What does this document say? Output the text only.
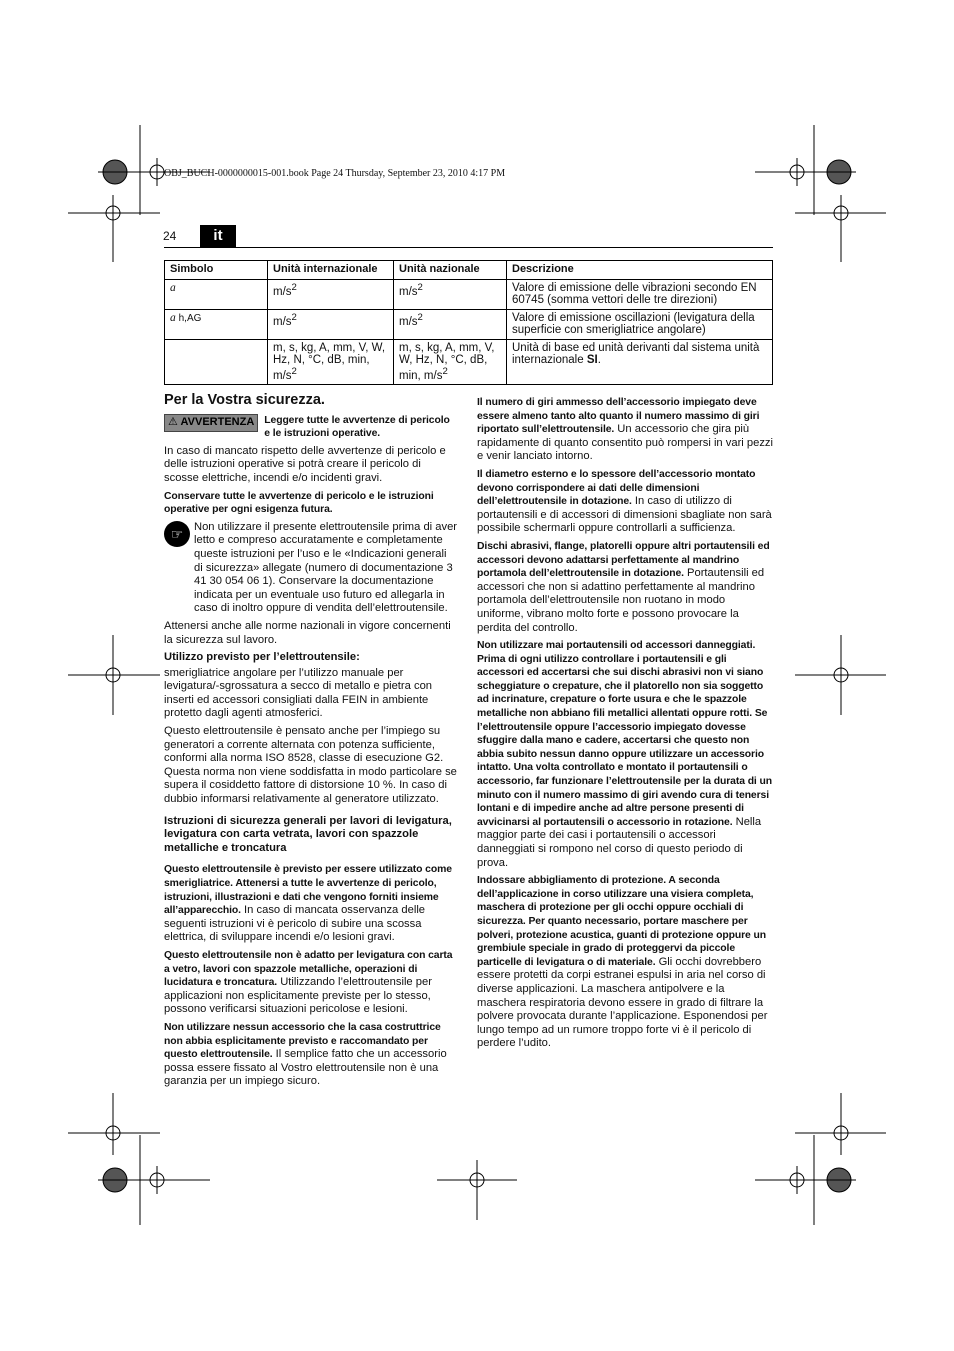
OBJ_BUCH-0000000015-001.book Page 24 Thursday, September 23, 2010 4:17 PM
24	it
Simbolo	Unità internazionale	Unità nazionale	Descrizione
a	$m/s^2$	$m/s^2$	Valore di emissione delle vibrazioni secondo EN 60745 (somma vettori delle tre direzioni)
a h,AG	$m/s^2$	$m/s^2$	Valore di emissione oscillazioni (levigatura della superficie con smerigliatrice angolare)
	m, s, kg, A, mm, V, W, Hz, N, °C, dB, min, $m/s^2$	m, s, kg, A, mm, V, W, Hz, N, °C, dB, min, $m/s^2$	Unità di base ed unità derivanti dal sistema unità internazionale SI.
Per la Vostra sicurezza.
⚠ AVVERTENZA Leggere tutte le avvertenze di pericolo e le istruzioni operative.

In caso di mancato rispetto delle avvertenze di pericolo e delle istruzioni operative si potrà creare il pericolo di scosse elettriche, incendi e/o incidenti gravi.

Conservare tutte le avvertenze di pericolo e le istruzioni operative per ogni esigenza futura.

☞ Non utilizzare il presente elettroutensile prima di aver letto e compreso accuratamente e completamente queste istruzioni per l’uso e le «Indicazioni generali di sicurezza» allegate (numero di documentazione 3 41 30 054 06 1). Conservare la documentazione indicata per un eventuale uso futuro ed allegarla in caso di inoltro oppure di vendita dell’elettroutensile.

Attenersi anche alle norme nazionali in vigore concernenti la sicurezza sul lavoro.

Utilizzo previsto per l’elettroutensile:

smerigliatrice angolare per l’utilizzo manuale per levigatura/-sgrossatura a secco di metallo e pietra con inserti ed accessori consigliati dalla FEIN in ambiente protetto dagli agenti atmosferici.

Questo elettroutensile è pensato anche per l’impiego su generatori a corrente alternata con potenza sufficiente, conformi alla norma ISO 8528, classe di esecuzione G2. Questa norma non viene soddisfatta in modo particolare se supera il cosiddetto fattore di distorsione 10 %. In caso di dubbio informarsi relativamente al generatore utilizzato.

Istruzioni di sicurezza generali per lavori di levigatura, levigatura con carta vetrata, lavori con spazzole metalliche e troncatura

Questo elettroutensile è previsto per essere utilizzato come smerigliatrice. Attenersi a tutte le avvertenze di pericolo, istruzioni, illustrazioni e dati che vengono forniti insieme all’apparecchio. In caso di mancata osservanza delle seguenti istruzioni vi è pericolo di subire una scossa elettrica, di sviluppare incendi e/o lesioni gravi.

Questo elettroutensile non è adatto per levigatura con carta a vetro, lavori con spazzole metalliche, operazioni di lucidatura e troncatura. Utilizzando l’elettroutensile per applicazioni non esplicitamente previste per lo stesso, possono verificarsi situazioni pericolose e lesioni.

Non utilizzare nessun accessorio che la casa costruttrice non abbia esplicitamente previsto e raccomandato per questo elettroutensile. Il semplice fatto che un accessorio possa essere fissato al Vostro elettroutensile non è una garanzia per un impiego sicuro.

Il numero di giri ammesso dell’accessorio impiegato deve essere almeno tanto alto quanto il numero massimo di giri riportato sull’elettroutensile. Un accessorio che gira più rapidamente di quanto consentito può rompersi in vari pezzi e venir lanciato intorno.

Il diametro esterno e lo spessore dell’accessorio montato devono corrispondere ai dati delle dimensioni dell’elettroutensile in dotazione. In caso di utilizzo di portautensili e di accessori di dimensioni sbagliate non sarà possibile schermarli oppure controllarli a sufficienza.

Dischi abrasivi, flange, platorelli oppure altri portautensili ed accessori devono adattarsi perfettamente al mandrino portamola dell’elettroutensile in dotazione. Portautensili ed accessori che non si adattino perfettamente al mandrino portamola dell’elettroutensile non ruotano in modo uniforme, vibrano molto forte e possono provocare la perdita del controllo.

Non utilizzare mai portautensili od accessori danneggiati. Prima di ogni utilizzo controllare i portautensili e gli accessori ed accertarsi che sui dischi abrasivi non vi siano scheggiature o crepature, che il platorello non sia soggetto ad incrinature, crepature o forte usura e che le spazzole metalliche non abbiano fili metallici allentati oppure rotti. Se l’elettroutensile oppure l’accessorio impiegato dovesse sfuggire dalla mano e cadere, accertarsi che questo non abbia subito nessun danno oppure utilizzare un accessorio intatto. Una volta controllato e montato il portautensili o accessorio, far funzionare l’elettroutensile per la durata di un minuto con il numero massimo di giri avendo cura di tenersi lontani e di impedire anche ad altre persone presenti di avvicinarsi al portautensili o accessorio in rotazione. Nella maggior parte dei casi i portautensili o accessori danneggiati si rompono nel corso di questo periodo di prova.

Indossare abbigliamento di protezione. A seconda dell’applicazione in corso utilizzare una visiera completa, maschera di protezione per gli occhi oppure occhiali di sicurezza. Per quanto necessario, portare maschere per polveri, protezione acustica, guanti di protezione oppure un grembiule speciale in grado di proteggervi da piccole particelle di levigatura o di materiale. Gli occhi dovrebbero essere protetti da corpi estranei espulsi in aria nel corso di diverse applicazioni. La maschera antipolvere e la maschera respiratoria devono essere in grado di filtrare la polvere provocata durante l’applicazione. Esponendosi per lungo tempo ad un rumore troppo forte vi è il pericolo di perdere l’udito.
